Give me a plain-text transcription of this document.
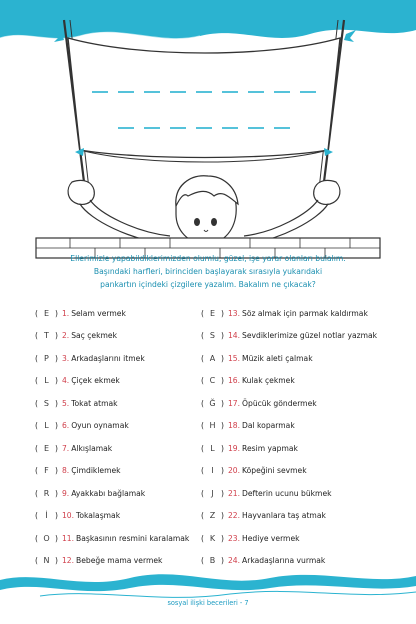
Ellerimizle yapabildiklerimizden olumlu, güzel, işe yarar olanları bulalım.
Başındaki harfleri, birinciden başlayarak sırasıyla yukarıdaki
pankartın içindeki çizgilere yazalım. Bakalım ne çıkacak?
( E ) 1. Selam vermek
( T ) 2. Saç çekmek
( P ) 3. Arkadaşlarını itmek
( L ) 4. Çiçek ekmek
( S ) 5. Tokat atmak
( L ) 6. Oyun oynamak
( E ) 7. Alkışlamak
( F ) 8. Çimdiklemek
( R ) 9. Ayakkabı bağlamak
( İ ) 10. Tokalaşmak
( O ) 11. Başkasının resmini karalamak
( N ) 12. Bebeğe mama vermek
( E ) 13. Söz almak için parmak kaldırmak
( S ) 14. Sevdiklerimize güzel notlar yazmak
( A ) 15. Müzik aleti çalmak
( C ) 16. Kulak çekmek
( Ğ ) 17. Öpücük göndermek
( H ) 18. Dal koparmak
( L ) 19. Resim yapmak
( I ) 20. Köpeğini sevmek
( J ) 21. Defterin ucunu bükmek
( Z ) 22. Hayvanlara taş atmak
( K ) 23. Hediye vermek
( B ) 24. Arkadaşlarına vurmak
sosyal ilişki becerileri - 7
